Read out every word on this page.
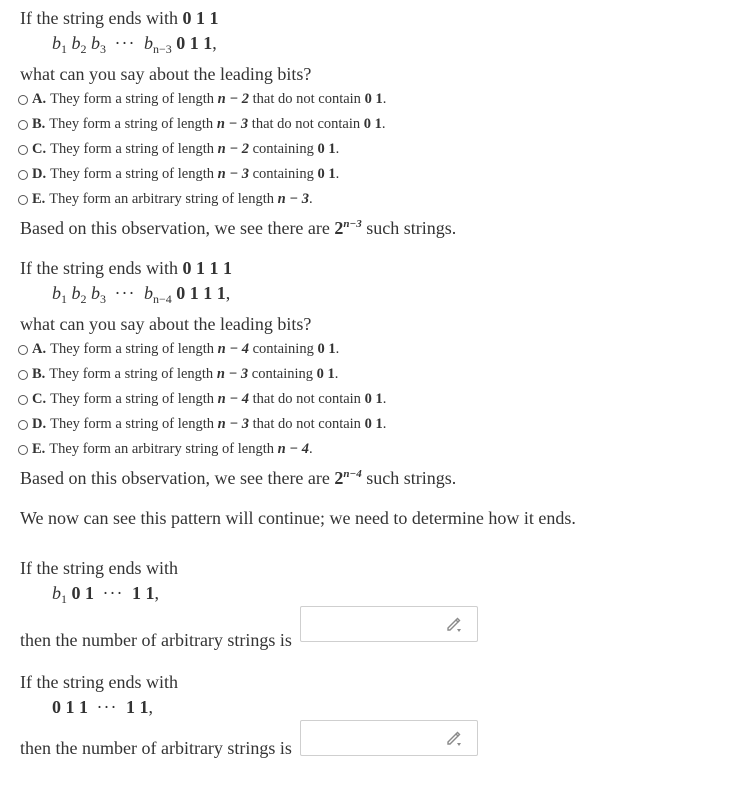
If the string ends with 0 1 1
$b_1$ $b_2$ $b_3$ ··· $b_{n-3}$ 0 1 1,
what can you say about the leading bits?
A. They form a string of length
n − 2
that do not contain
0 1 .
B. They form a string of length
n − 3
that do not contain
0 1 .
C. They form a string of length
n − 2
containing
0 1 .
D. They form a string of length
n − 3
containing
0 1 .
E. They form an arbitrary string of length
n − 3 .
Based on this observation, we see there are $2^{n-3}$ such strings.
If the string ends with 0 1 1 1
$b_1$ $b_2$ $b_3$ ··· $b_{n-4}$ 0 1 1 1,
what can you say about the leading bits?
A. They form a string of length
n − 4
containing
0 1 .
B. They form a string of length
n − 3
containing
0 1 .
C. They form a string of length
n − 4
that do not contain
0 1 .
D. They form a string of length
n − 3
that do not contain
0 1 .
E. They form an arbitrary string of length
n − 4 .
Based on this observation, we see there are $2^{n-4}$ such strings.
We now can see this pattern will continue; we need to determine how it ends.
If the string ends with
$b_1$ 0 1 ··· 1 1,
then the number of arbitrary strings is
If the string ends with
0 1 1 ··· 1 1,
then the number of arbitrary strings is
